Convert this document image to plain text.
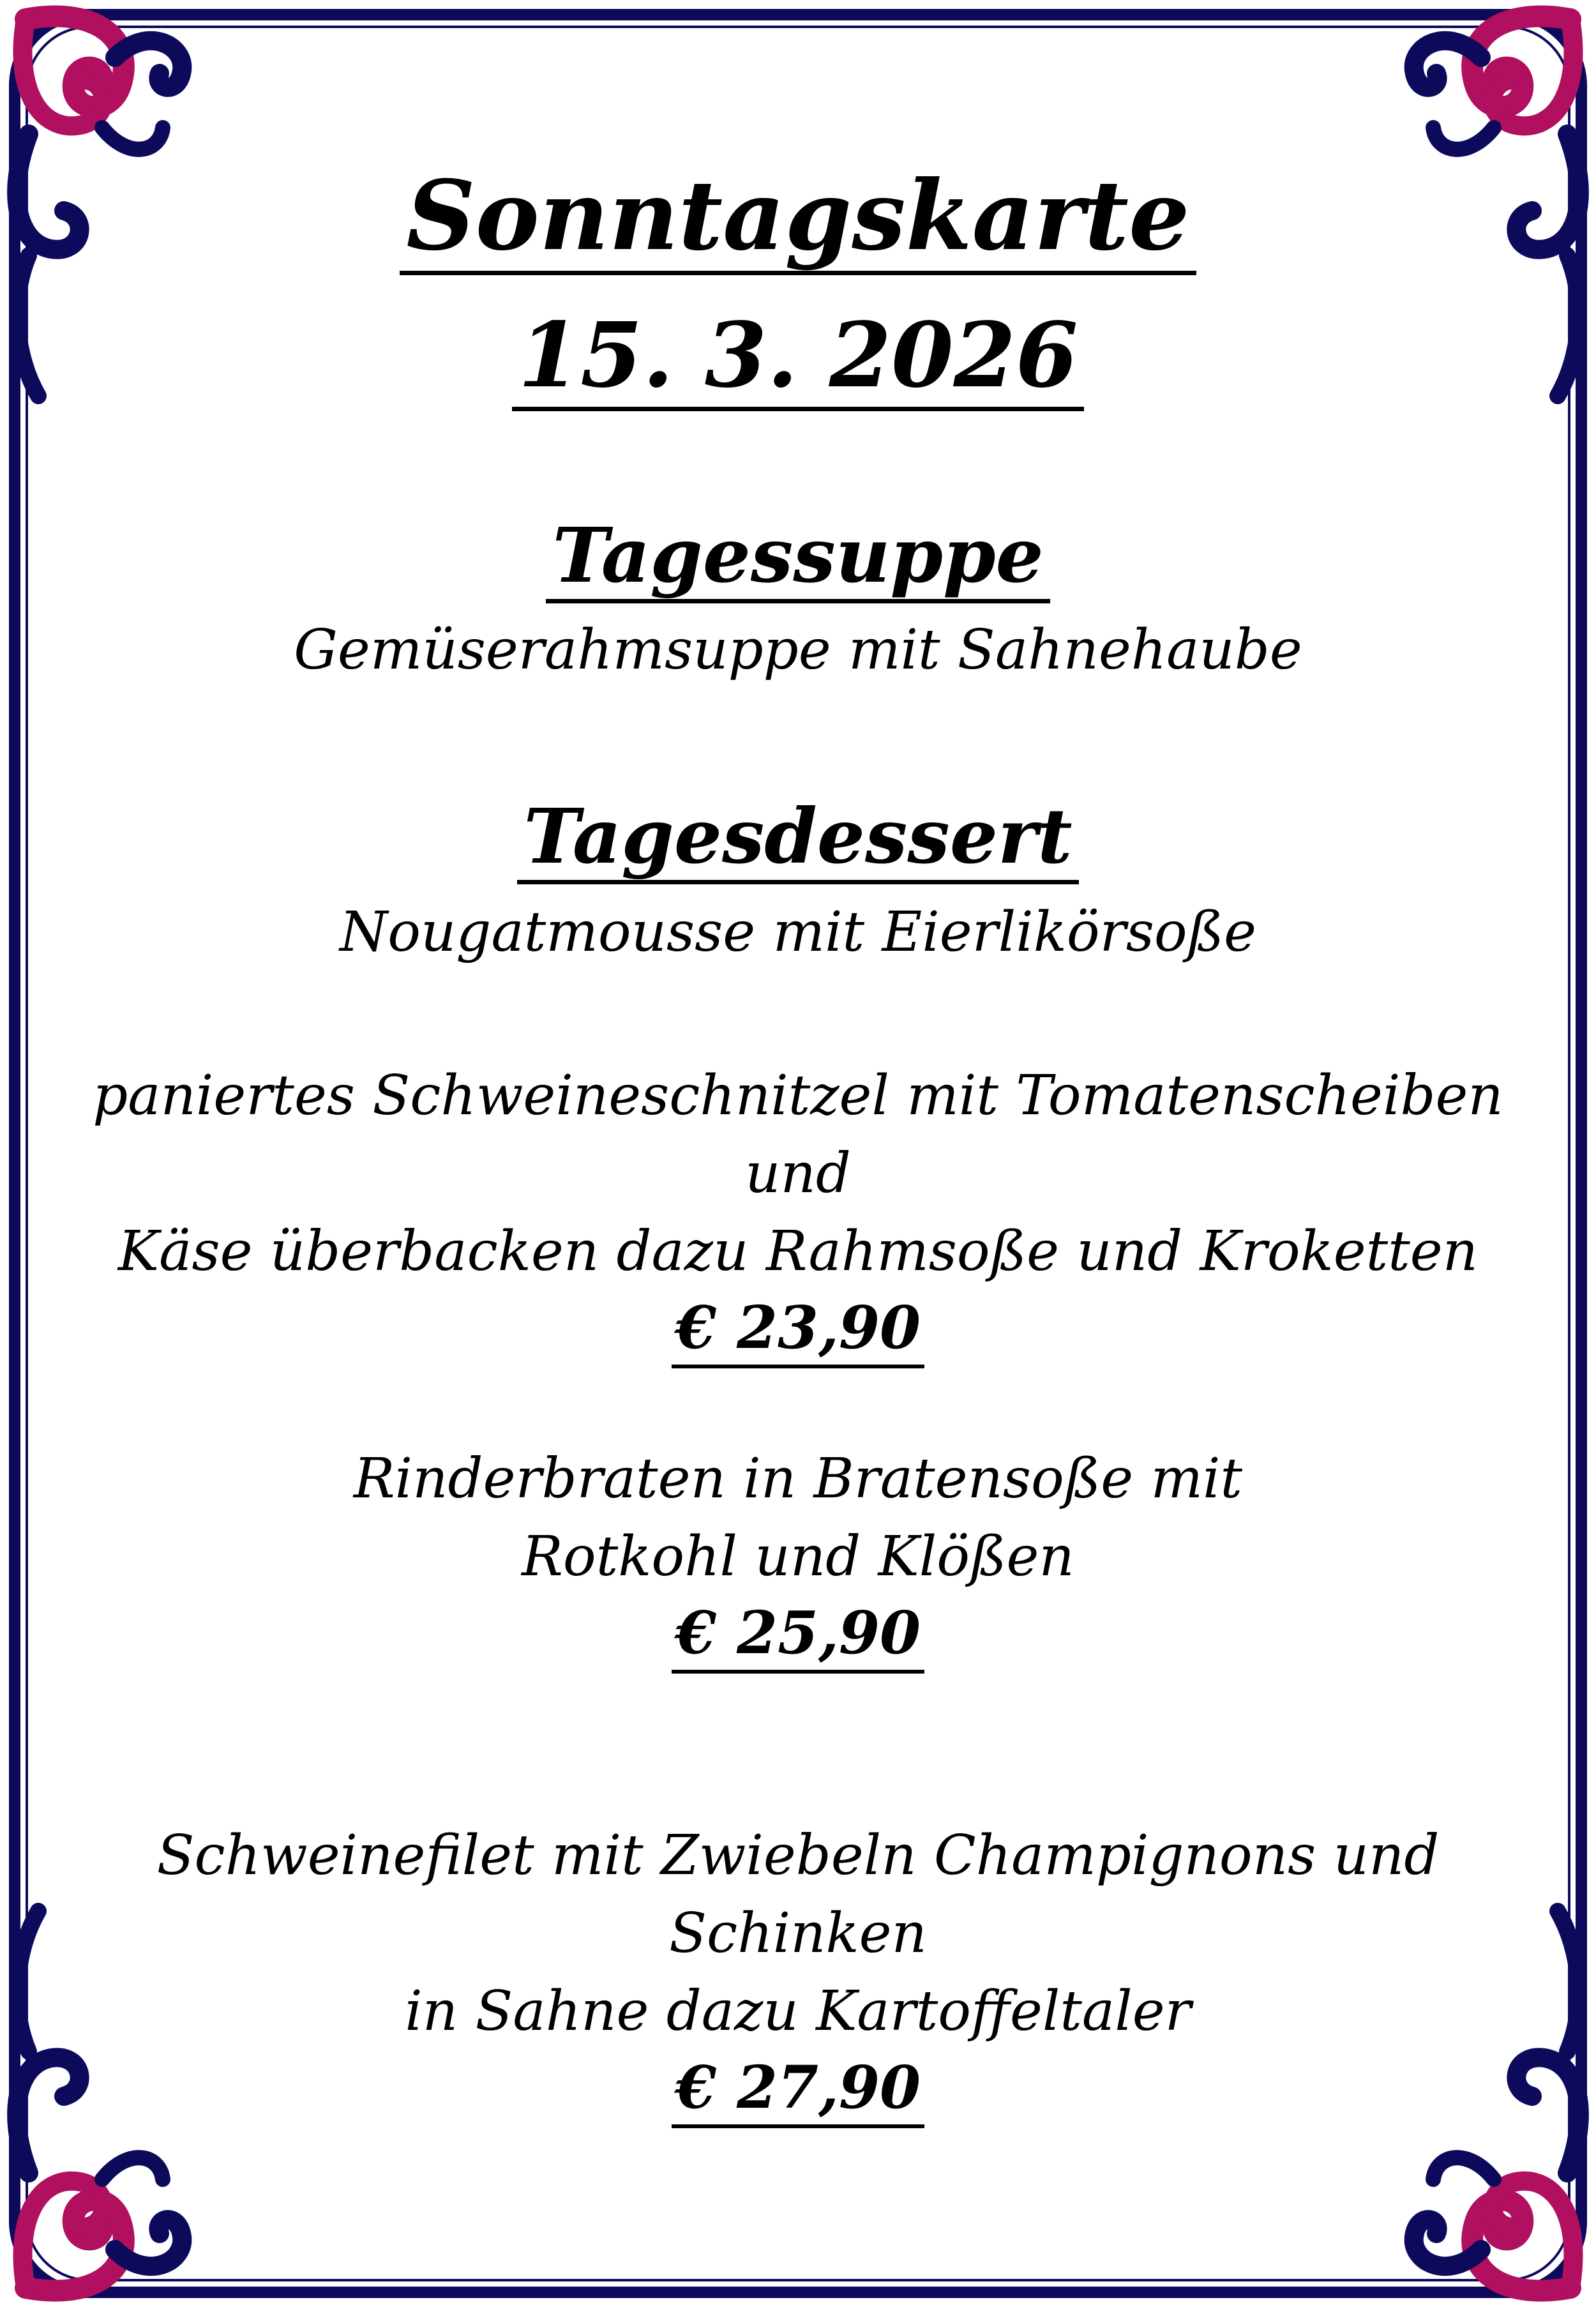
Sonntagskarte
15. 3. 2026
Tagessuppe
Gemüserahmsuppe mit Sahnehaube
Tagesdessert
Nougatmousse mit Eierlikörsoße
paniertes Schweineschnitzel mit Tomatenscheiben und
Käse überbacken dazu Rahmsoße und Kroketten
€ 23,90
Rinderbraten in Bratensoße mit
Rotkohl und Klößen
€ 25,90
Schweinefilet mit Zwiebeln Champignons und Schinken
in Sahne dazu Kartoffeltaler
€ 27,90
